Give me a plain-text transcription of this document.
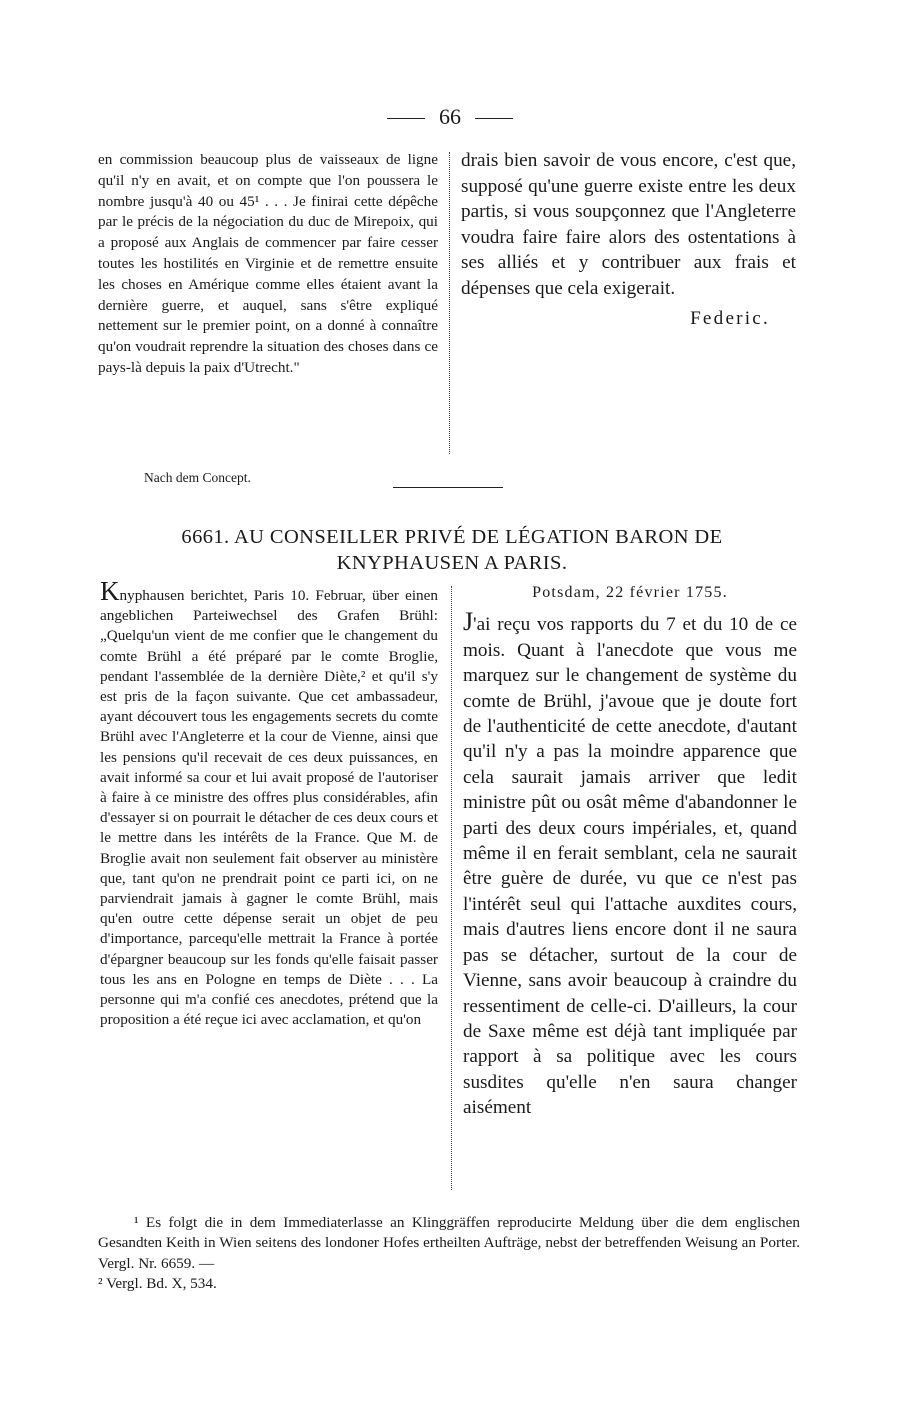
66

en commission beaucoup plus de vaisseaux de ligne qu'il n'y en avait, et on compte que l'on poussera le nombre jusqu'à 40 ou 45¹ . . . Je finirai cette dépêche par le précis de la négociation du duc de Mirepoix, qui a proposé aux Anglais de commencer par faire cesser toutes les hostilités en Virginie et de remettre ensuite les choses en Amérique comme elles étaient avant la dernière guerre, et auquel, sans s'être expliqué nettement sur le premier point, on a donné à connaître qu'on voudrait reprendre la situation des choses dans ce pays-là depuis la paix d'Utrecht."

drais bien savoir de vous encore, c'est que, supposé qu'une guerre existe entre les deux partis, si vous soupçonnez que l'Angleterre voudra faire faire alors des ostentations à ses alliés et y contribuer aux frais et dépenses que cela exigerait.

Federic.

Nach dem Concept.
6661. AU CONSEILLER PRIVÉ DE LÉGATION BARON DE
KNYPHAUSEN A PARIS.

Knyphausen berichtet, Paris 10. Februar, über einen angeblichen Parteiwechsel des Grafen Brühl: „Quelqu'un vient de me confier que le changement du comte Brühl a été préparé par le comte Broglie, pendant l'assemblée de la dernière Diète,² et qu'il s'y est pris de la façon suivante. Que cet ambassadeur, ayant découvert tous les engagements secrets du comte Brühl avec l'Angleterre et la cour de Vienne, ainsi que les pensions qu'il recevait de ces deux puissances, en avait informé sa cour et lui avait proposé de l'autoriser à faire à ce ministre des offres plus considérables, afin d'essayer si on pourrait le détacher de ces deux cours et le mettre dans les intérêts de la France. Que M. de Broglie avait non seulement fait observer au ministère que, tant qu'on ne prendrait point ce parti ici, on ne parviendrait jamais à gagner le comte Brühl, mais qu'en outre cette dépense serait un objet de peu d'importance, parcequ'elle mettrait la France à portée d'épargner beaucoup sur les fonds qu'elle faisait passer tous les ans en Pologne en temps de Diète . . . La personne qui m'a confié ces anecdotes, prétend que la proposition a été reçue ici avec acclamation, et qu'on

Potsdam, 22 février 1755.

J'ai reçu vos rapports du 7 et du 10 de ce mois. Quant à l'anecdote que vous me marquez sur le changement de système du comte de Brühl, j'avoue que je doute fort de l'authenticité de cette anecdote, d'autant qu'il n'y a pas la moindre apparence que cela saurait jamais arriver que ledit ministre pût ou osât même d'abandonner le parti des deux cours impériales, et, quand même il en ferait semblant, cela ne saurait être guère de durée, vu que ce n'est pas l'intérêt seul qui l'attache auxdites cours, mais d'autres liens encore dont il ne saura pas se détacher, surtout de la cour de Vienne, sans avoir beaucoup à craindre du ressentiment de celle-ci. D'ailleurs, la cour de Saxe même est déjà tant impliquée par rapport à sa politique avec les cours susdites qu'elle n'en saura changer aisément

¹ Es folgt die in dem Immediaterlasse an Klinggräffen reproducirte Meldung über die dem englischen Gesandten Keith in Wien seitens des londoner Hofes ertheilten Aufträge, nebst der betreffenden Weisung an Porter. Vergl. Nr. 6659. —

² Vergl. Bd. X, 534.
